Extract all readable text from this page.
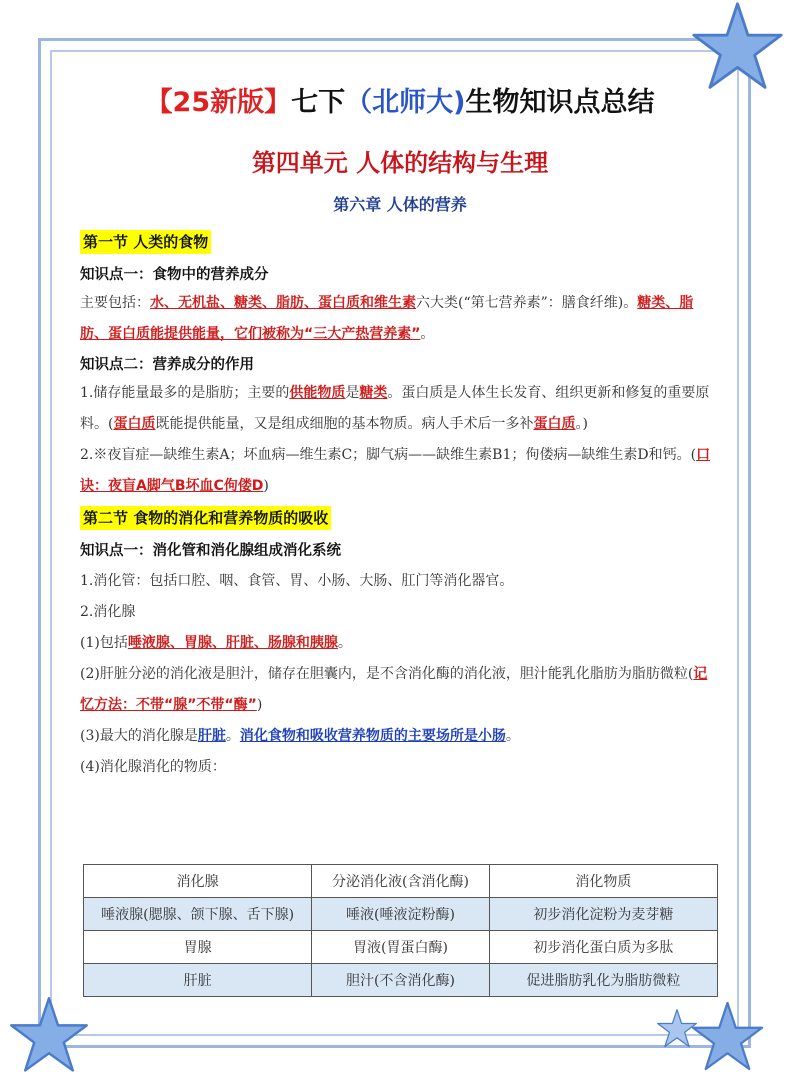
【25新版】七下（北师大)生物知识点总结
第四单元 人体的结构与生理
第六章 人体的营养
第一节 人类的食物
知识点一：食物中的营养成分
主要包括：水、无机盐、糖类、脂肪、蛋白质和维生素六大类(“第七营养素”：膳食纤维)。糖类、脂肪、蛋白质能提供能量，它们被称为“三大产热营养素”。
知识点二：营养成分的作用
1.储存能量最多的是脂肪；主要的供能物质是糖类。蛋白质是人体生长发育、组织更新和修复的重要原料。(蛋白质既能提供能量，又是组成细胞的基本物质。病人手术后一多补蛋白质。)
2.※夜盲症—缺维生素A；坏血病—维生素C；脚气病——缺维生素B1；佝偻病—缺维生素D和钙。(口诀：夜盲A脚气B坏血C佝偻D)
第二节 食物的消化和营养物质的吸收
知识点一：消化管和消化腺组成消化系统
1.消化管：包括口腔、咽、食管、胃、小肠、大肠、肛门等消化器官。
2.消化腺
(1)包括唾液腺、胃腺、肝脏、肠腺和胰腺。
(2)肝脏分泌的消化液是胆汁，储存在胆囊内，是不含消化酶的消化液，胆汁能乳化脂肪为脂肪微粒(记忆方法：不带“腺”不带“酶”)
(3)最大的消化腺是肝脏。消化食物和吸收营养物质的主要场所是小肠。
(4)消化腺消化的物质：
消化腺	分泌消化液(含消化酶)	消化物质
唾液腺(腮腺、颌下腺、舌下腺)	唾液(唾液淀粉酶)	初步消化淀粉为麦芽糖
胃腺	胃液(胃蛋白酶)	初步消化蛋白质为多肽
肝脏	胆汁(不含消化酶)	促进脂肪乳化为脂肪微粒
